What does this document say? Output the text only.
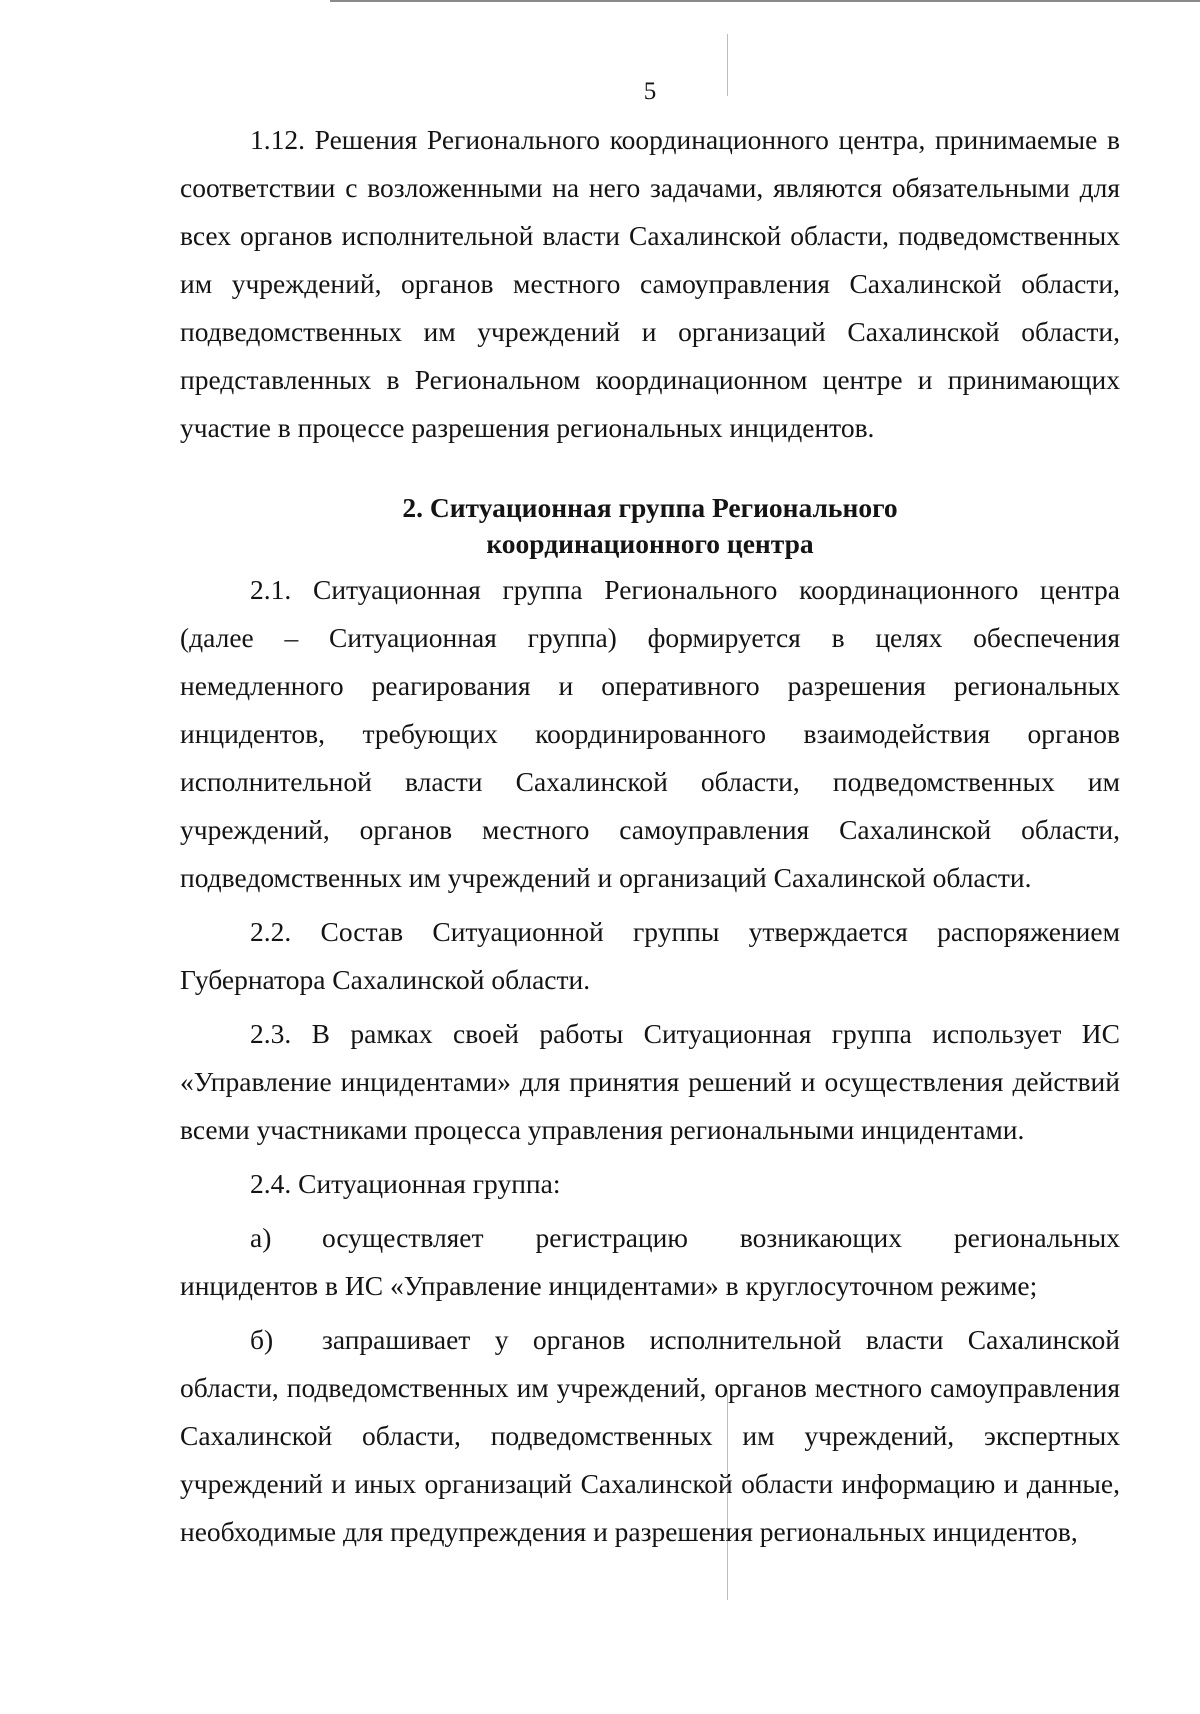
5

1.12. Решения Регионального координационного центра, принимаемые в соответствии с возложенными на него задачами, являются обязательными для всех органов исполнительной власти Сахалинской области, подведомственных им учреждений, органов местного самоуправления Сахалинской области, подведомственных им учреждений и организаций Сахалинской области, представленных в Региональном координационном центре и принимающих участие в процессе разрешения региональных инцидентов.

2. Ситуационная группа Регионального
координационного центра

2.1. Ситуационная группа Регионального координационного центра (далее – Ситуационная группа) формируется в целях обеспечения немедленного реагирования и оперативного разрешения региональных инцидентов, требующих координированного взаимодействия органов исполнительной власти Сахалинской области, подведомственных им учреждений, органов местного самоуправления Сахалинской области, подведомственных им учреждений и организаций Сахалинской области.

2.2. Состав Ситуационной группы утверждается распоряжением Губернатора Сахалинской области.

2.3. В рамках своей работы Ситуационная группа использует ИС «Управление инцидентами» для принятия решений и осуществления действий всеми участниками процесса управления региональными инцидентами.

2.4. Ситуационная группа:

а) осуществляет регистрацию возникающих региональных инцидентов в ИС «Управление инцидентами» в круглосуточном режиме;

б) запрашивает у органов исполнительной власти Сахалинской области, подведомственных им учреждений, органов местного самоуправления Сахалинской области, подведомственных им учреждений, экспертных учреждений и иных организаций Сахалинской области информацию и данные, необходимые для предупреждения и разрешения региональных инцидентов,
